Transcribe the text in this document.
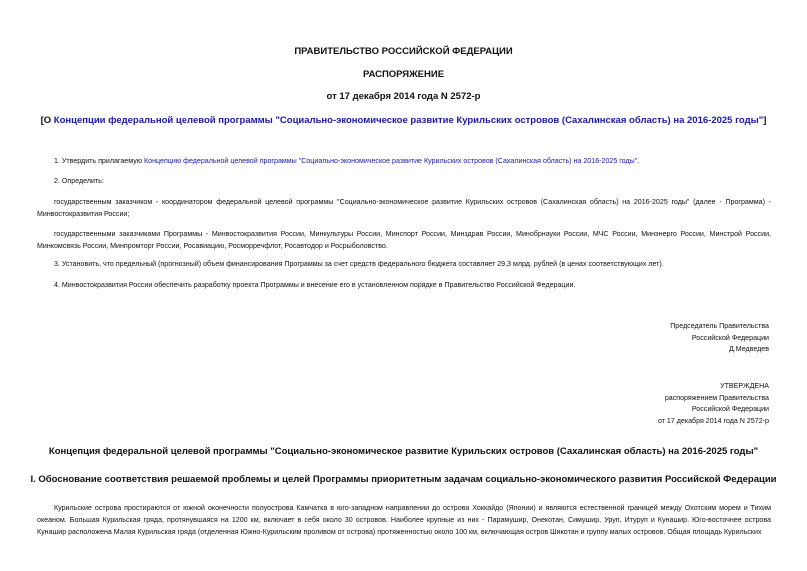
ПРАВИТЕЛЬСТВО РОССИЙСКОЙ ФЕДЕРАЦИИ
РАСПОРЯЖЕНИЕ
от 17 декабря 2014 года N 2572-р
[О Концепции федеральной целевой программы "Социально-экономическое развитие Курильских островов (Сахалинская область) на 2016-2025 годы"]
1. Утвердить прилагаемую Концепцию федеральной целевой программы "Социально-экономическое развитие Курильских островов (Сахалинская область) на 2016-2025 годы".
2. Определить:
государственным заказчиком - координатором федеральной целевой программы "Социально-экономическое развитие Курильских островов (Сахалинская область) на 2016-2025 годы" (далее - Программа) - Минвостокразвития России;
государственными заказчиками Программы - Минвостокразвития России, Минкультуры России, Минспорт России, Минздрав России, Минобрнауки России, МЧС России, Минэнерго России, Минстрой России, Минкомсвязь России, Минпромторг России, Росавиацию, Росморречфлот, Росавтодор и Росрыболовство.
3. Установить, что предельный (прогнозный) объем финансирования Программы за счет средств федерального бюджета составляет 29,3 млрд. рублей (в ценах соответствующих лет).
4. Минвостокразвития России обеспечить разработку проекта Программы и внесение его в установленном порядке в Правительство Российской Федерации.
Председатель Правительства
Российской Федерации
Д.Медведев
УТВЕРЖДЕНА
распоряжением Правительства
Российской Федерации
от 17 декабря 2014 года N 2572-р
Концепция федеральной целевой программы "Социально-экономическое развитие Курильских островов (Сахалинская область) на 2016-2025 годы"
I. Обоснование соответствия решаемой проблемы и целей Программы приоритетным задачам социально-экономического развития Российской Федерации
Курильские острова простираются от южной оконечности полуострова Камчатка в юго-западном направлении до острова Хоккайдо (Японии) и являются естественной границей между Охотским морем и Тихим океаном. Большая Курильская гряда, протянувшаяся на 1200 км, включает в себя около 30 островов. Наиболее крупные из них - Парамушир, Онекотан, Симушир, Уруп, Итуруп и Кунашир. Юго-восточнее острова Кунашир расположена Малая Курильская гряда (отделенная Южно-Курильским проливом от острова) протяженностью около 100 км, включающая остров Шикотан и группу малых островов. Общая площадь Курильских
